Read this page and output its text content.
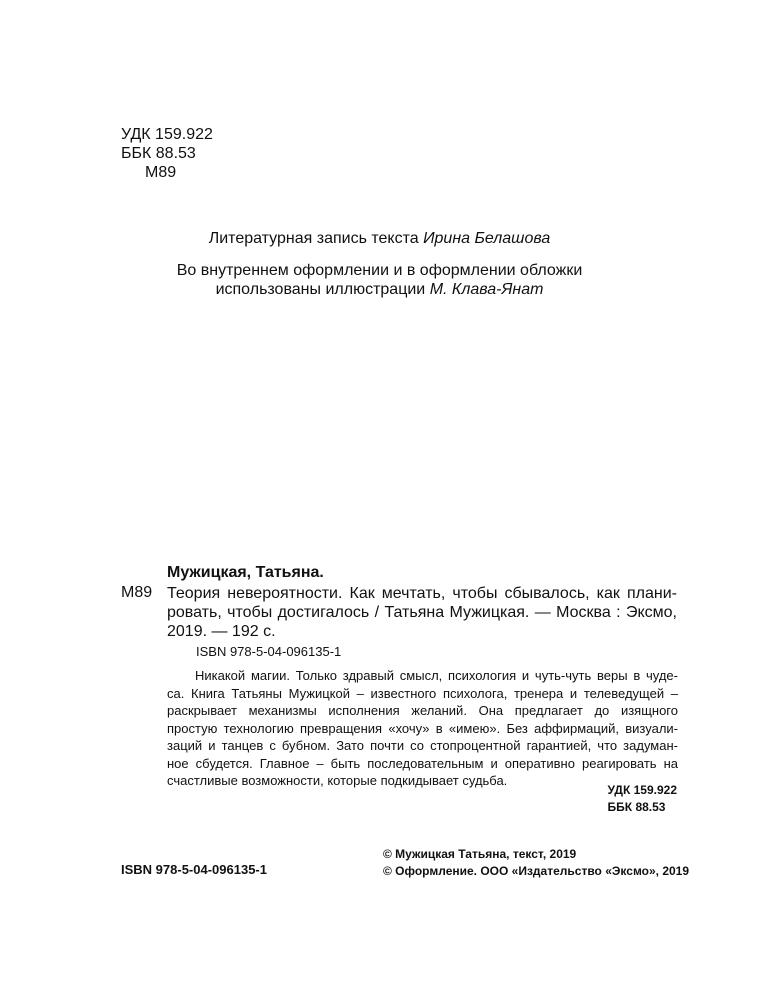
УДК 159.922
ББК 88.53
М89
Литературная запись текста Ирина Белашова
Во внутреннем оформлении и в оформлении обложки
использованы иллюстрации М. Клава-Янат
Мужицкая, Татьяна.
М89 Теория невероятности. Как мечтать, чтобы сбывалось, как плани-
ровать, чтобы достигалось / Татьяна Мужицкая. — Москва : Эксмо,
2019. — 192 с.
ISBN 978-5-04-096135-1
Никакой магии. Только здравый смысл, психология и чуть-чуть веры в чуде-
са. Книга Татьяны Мужицкой – известного психолога, тренера и телеведущей –
раскрывает механизмы исполнения желаний. Она предлагает до изящного
простую технологию превращения «хочу» в «имею». Без аффирмаций, визуали-
заций и танцев с бубном. Зато почти со стопроцентной гарантией, что задуман-
ное сбудется. Главное – быть последовательным и оперативно реагировать на
счастливые возможности, которые подкидывает судьба.
УДК 159.922
ББК 88.53
ISBN 978-5-04-096135-1
© Мужицкая Татьяна, текст, 2019
© Оформление. ООО «Издательство «Эксмо», 2019
